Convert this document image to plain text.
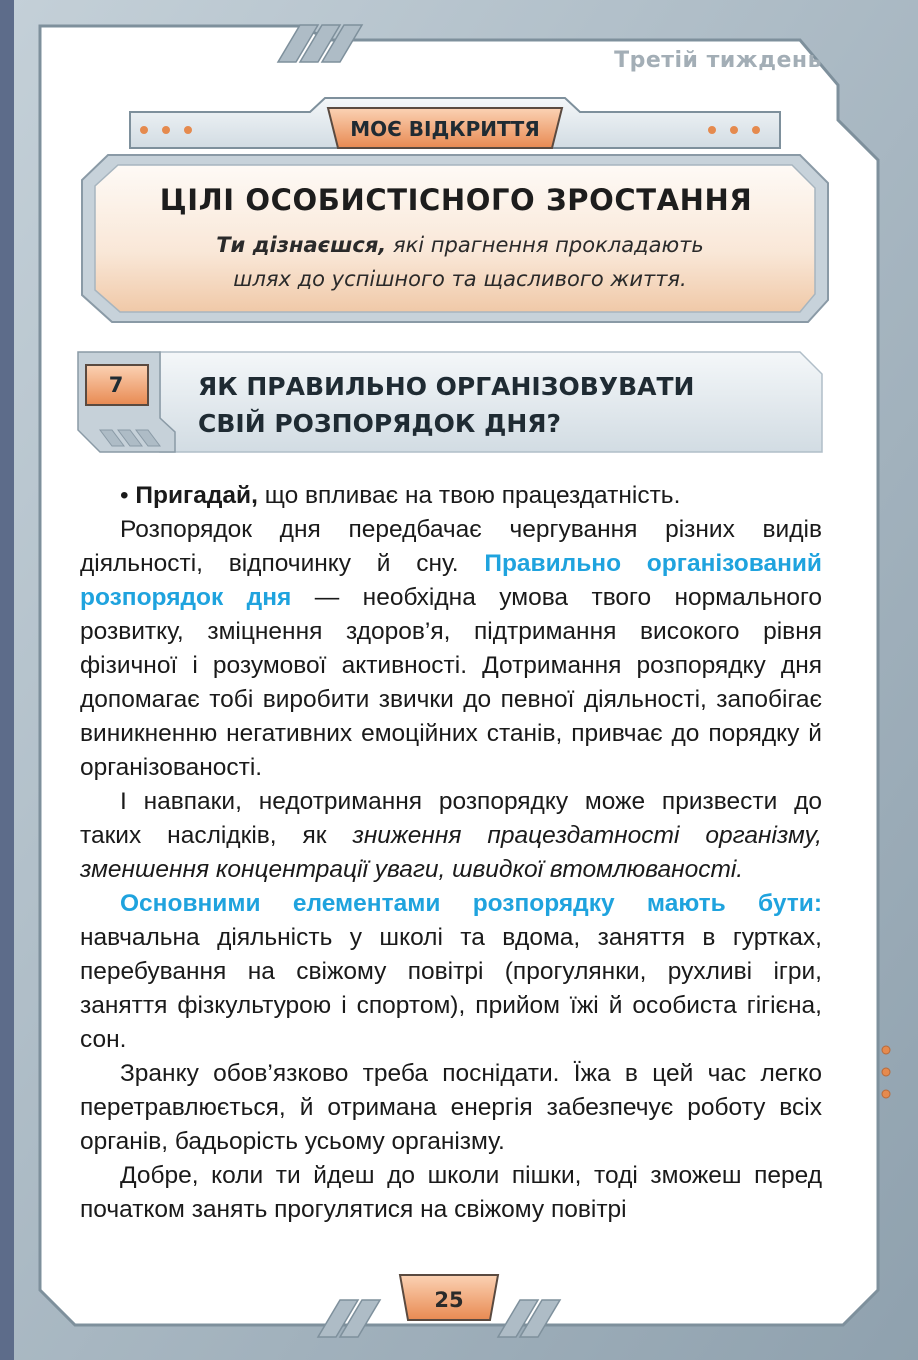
Третій тиждень
МОЄ ВІДКРИТТЯ
ЦІЛІ ОСОБИСТІСНОГО ЗРОСТАННЯ
Ти дізнаєшся, які прагнення прокладають
шлях до успішного та щасливого життя.
7	ЯК ПРАВИЛЬНО ОРГАНІЗОВУВАТИ
СВІЙ РОЗПОРЯДОК ДНЯ?

• Пригадай, що впливає на твою працездатність.

Розпорядок дня передбачає чергування різних видів діяльності, відпочинку й сну. Правильно організований розпорядок дня — необхідна умова твого нормального розвитку, зміцнення здоров’я, підтримання високого рівня фізичної і розумової активності. Дотримання розпорядку дня допомагає тобі виробити звички до певної діяльності, запобігає виникненню негативних емоційних станів, привчає до порядку й організованості.

І навпаки, недотримання розпорядку може призвести до таких наслідків, як зниження працездатності організму, зменшення концентрації уваги, швидкої втомлюваності.

Основними елементами розпорядку мають бути: навчальна діяльність у школі та вдома, заняття в гуртках, перебування на свіжому повітрі (прогулянки, рухливі ігри, заняття фізкультурою і спортом), прийом їжі й особиста гігієна, сон.

Зранку обов’язково треба поснідати. Їжа в цей час легко перетравлюється, й отримана енергія забезпечує роботу всіх органів, бадьорість усьому організму.

Добре, коли ти йдеш до школи пішки, тоді зможеш перед початком занять прогулятися на свіжому повітрі

25
